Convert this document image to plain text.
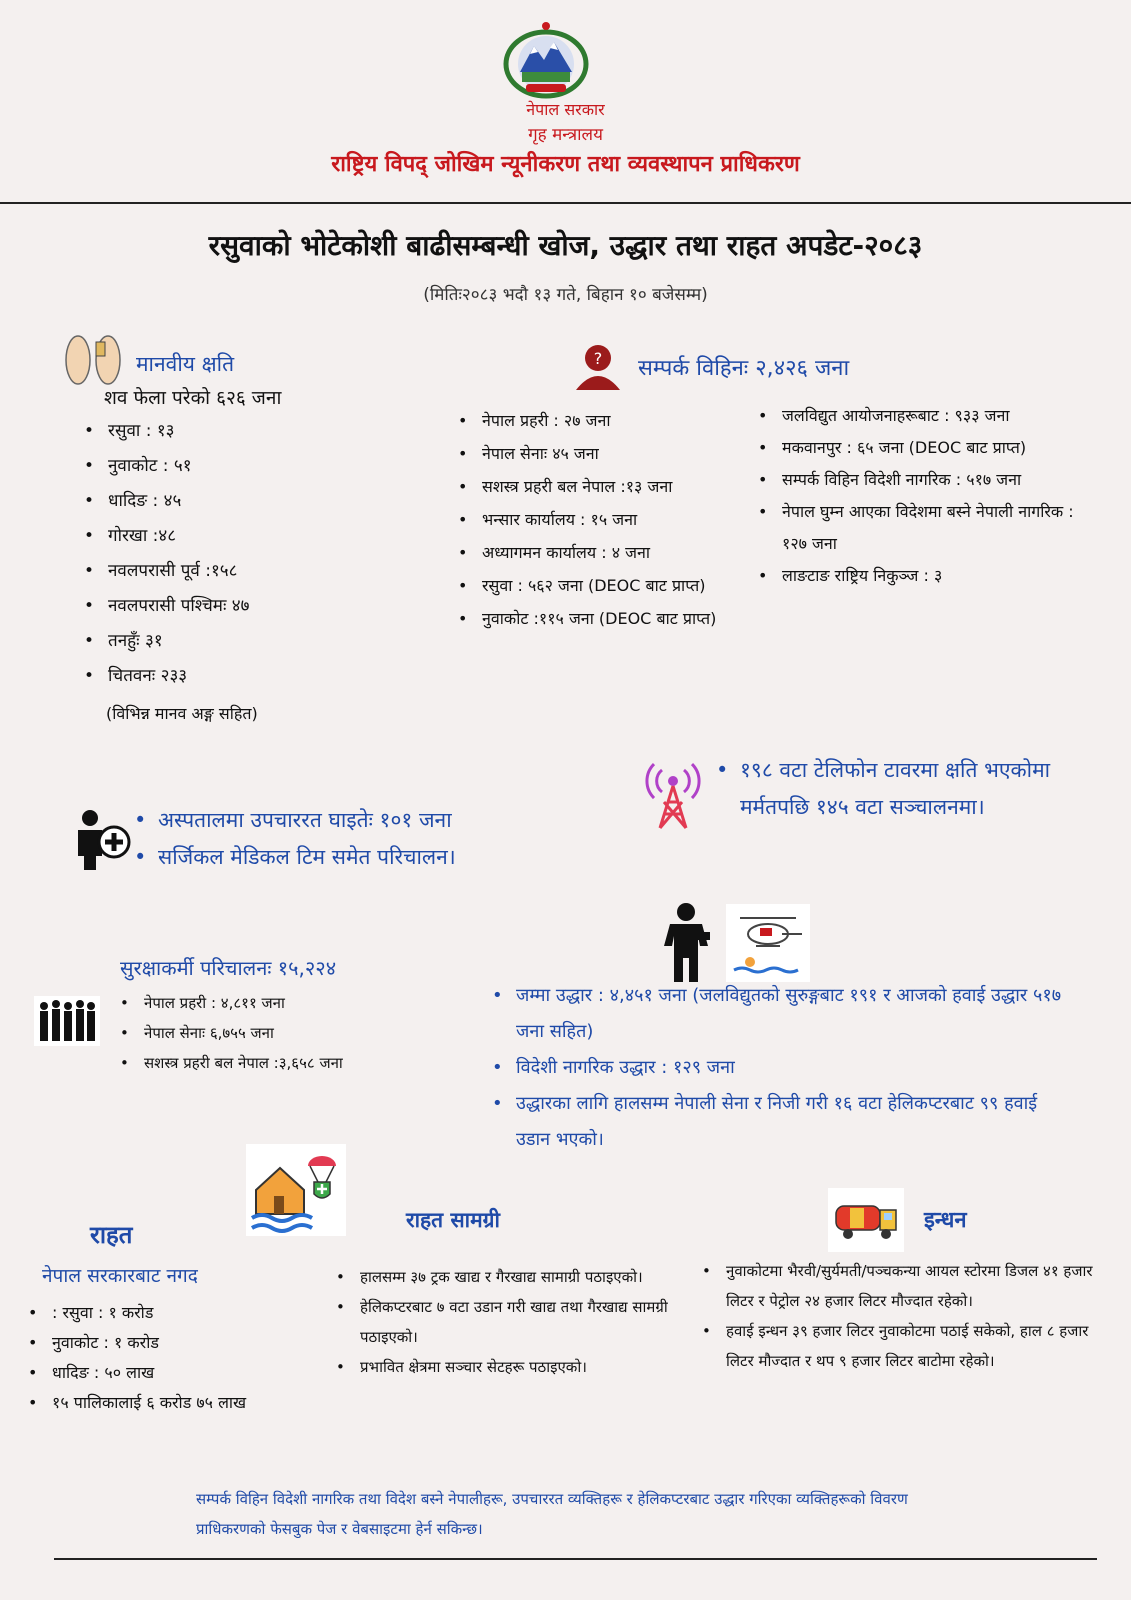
नेपाल सरकार
गृह मन्त्रालय
राष्ट्रिय विपद् जोखिम न्यूनीकरण तथा व्यवस्थापन प्राधिकरण
रसुवाको भोटेकोशी बाढीसम्बन्धी खोज, उद्धार तथा राहत अपडेट-२०८३
(मितिः२०८३ भदौ १३ गते, बिहान १० बजेसम्म)
मानवीय क्षति
शव फेला परेको ६२६ जना
• रसुवा : १३
• नुवाकोट : ५१
• धादिङ : ४५
• गोरखा :४८
• नवलपरासी पूर्व :१५८
• नवलपरासी पश्चिमः ४७
• तनहुँः ३१
• चितवनः २३३
(विभिन्न मानव अङ्ग सहित)
? सम्पर्क विहिनः २,४२६ जना
• नेपाल प्रहरी : २७ जना
• नेपाल सेनाः ४५ जना
• सशस्त्र प्रहरी बल नेपाल :१३ जना
• भन्सार कार्यालय : १५ जना
• अध्यागमन कार्यालय : ४ जना
• रसुवा : ५६२ जना (DEOC बाट प्राप्त)
• नुवाकोट :११५ जना (DEOC बाट प्राप्त)
• जलविद्युत आयोजनाहरूबाट : ९३३ जना
• मकवानपुर : ६५ जना (DEOC बाट प्राप्त)
• सम्पर्क विहिन विदेशी नागरिक : ५१७ जना
• नेपाल घुम्न आएका विदेशमा बस्ने नेपाली नागरिक : १२७ जना
• लाङटाङ राष्ट्रिय निकुञ्ज : ३
• १९८ वटा टेलिफोन टावरमा क्षति भएकोमा मर्मतपछि १४५ वटा सञ्चालनमा।
• अस्पतालमा उपचाररत घाइतेः १०१ जना
• सर्जिकल मेडिकल टिम समेत परिचालन।
सुरक्षाकर्मी परिचालनः १५,२२४
• नेपाल प्रहरी : ४,८११ जना
• नेपाल सेनाः ६,७५५ जना
• सशस्त्र प्रहरी बल नेपाल :३,६५८ जना
• जम्मा उद्धार : ४,४५१ जना (जलविद्युतको सुरुङ्गबाट १९१ र आजको हवाई उद्धार ५१७ जना सहित)
• विदेशी नागरिक उद्धार : १२९ जना
• उद्धारका लागि हालसम्म नेपाली सेना र निजी गरी १६ वटा हेलिकप्टरबाट ९९ हवाई उडान भएको।
राहत
नेपाल सरकारबाट नगद
• : रसुवा : १ करोड
• नुवाकोट : १ करोड
• धादिङ : ५० लाख
• १५ पालिकालाई ६ करोड ७५ लाख
राहत सामग्री
• हालसम्म ३७ ट्रक खाद्य र गैरखाद्य सामाग्री पठाइएको।
• हेलिकप्टरबाट ७ वटा उडान गरी खाद्य तथा गैरखाद्य सामग्री पठाइएको।
• प्रभावित क्षेत्रमा सञ्चार सेटहरू पठाइएको।
इन्धन
• नुवाकोटमा भैरवी/सुर्यमती/पञ्चकन्या आयल स्टोरमा डिजल ४१ हजार लिटर र पेट्रोल २४ हजार लिटर मौज्दात रहेको।
• हवाई इन्धन ३९ हजार लिटर नुवाकोटमा पठाई सकेको, हाल ८ हजार लिटर मौज्दात र थप ९ हजार लिटर बाटोमा रहेको।
सम्पर्क विहिन विदेशी नागरिक तथा विदेश बस्ने नेपालीहरू, उपचाररत व्यक्तिहरू र हेलिकप्टरबाट उद्धार गरिएका व्यक्तिहरूको विवरण प्राधिकरणको फेसबुक पेज र वेबसाइटमा हेर्न सकिन्छ।
